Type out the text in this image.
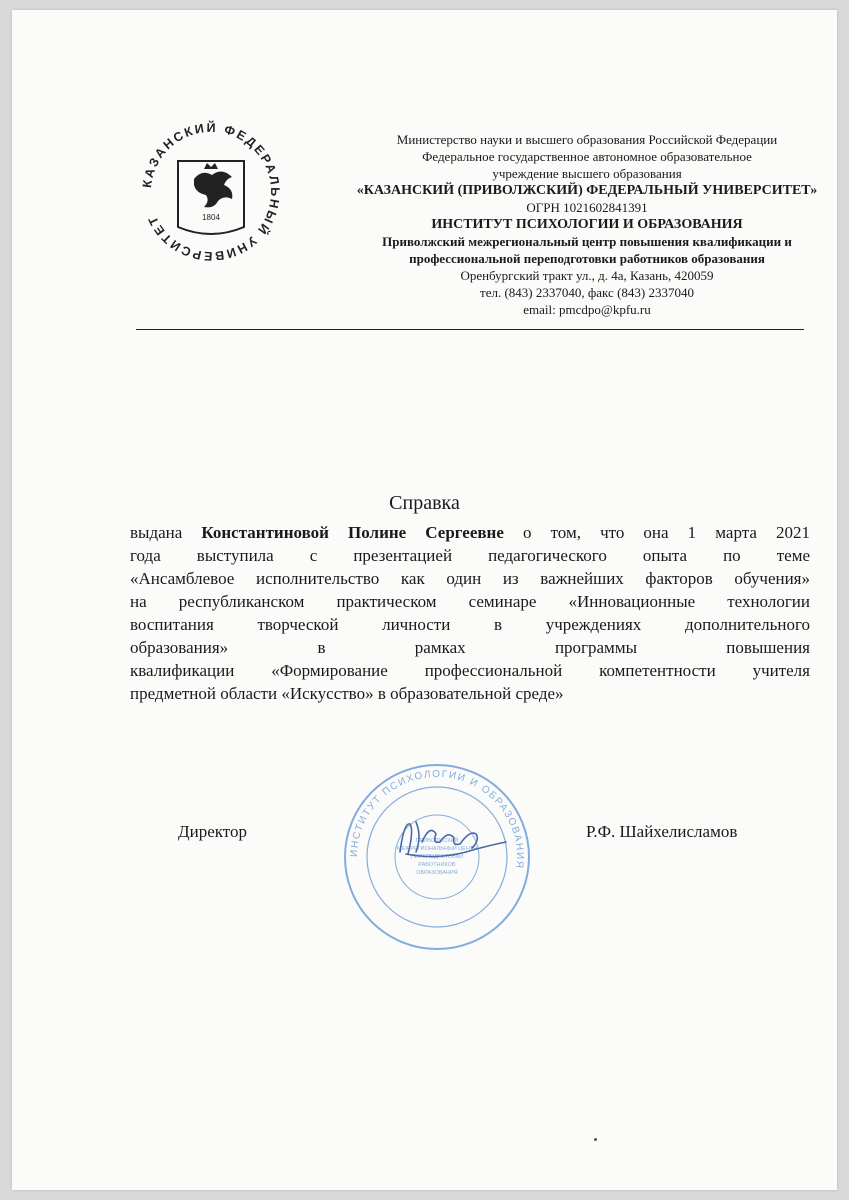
КАЗАНСКИЙ ФЕДЕРАЛЬНЫЙ УНИВЕРСИТЕТ	1804
Министерство науки и высшего образования Российской Федерации
Федеральное государственное автономное образовательное
учреждение высшего образования
«КАЗАНСКИЙ (ПРИВОЛЖСКИЙ) ФЕДЕРАЛЬНЫЙ УНИВЕРСИТЕТ»
ОГРН 1021602841391
ИНСТИТУТ ПСИХОЛОГИИ И ОБРАЗОВАНИЯ
Приволжский межрегиональный центр повышения квалификации и
профессиональной переподготовки работников образования
Оренбургский тракт ул., д. 4а, Казань, 420059
тел. (843) 2337040, факс (843) 2337040
email: pmcdpo@kpfu.ru
Справка
выдана Константиновой Полине Сергеевне о том, что она 1 марта 2021
года выступила с презентацией педагогического опыта по теме
«Ансамблевое исполнительство как один из важнейших факторов обучения»
на республиканском практическом семинаре «Инновационные технологии
воспитания творческой личности в учреждениях дополнительного
образования» в рамках программы повышения
квалификации «Формирование профессиональной компетентности учителя
предметной области «Искусство» в образовательной среде»
ИНСТИТУТ ПСИХОЛОГИИ И ОБРАЗОВАНИЯ
ПРИВОЛЖСКИЙ
МЕЖРЕГИОНАЛЬНЫЙ ЦЕНТР
ПЕРЕПОДГОТОВКИ
РАБОТНИКОВ
ОБРАЗОВАНИЯ
Директор	Р.Ф. Шайхелисламов
